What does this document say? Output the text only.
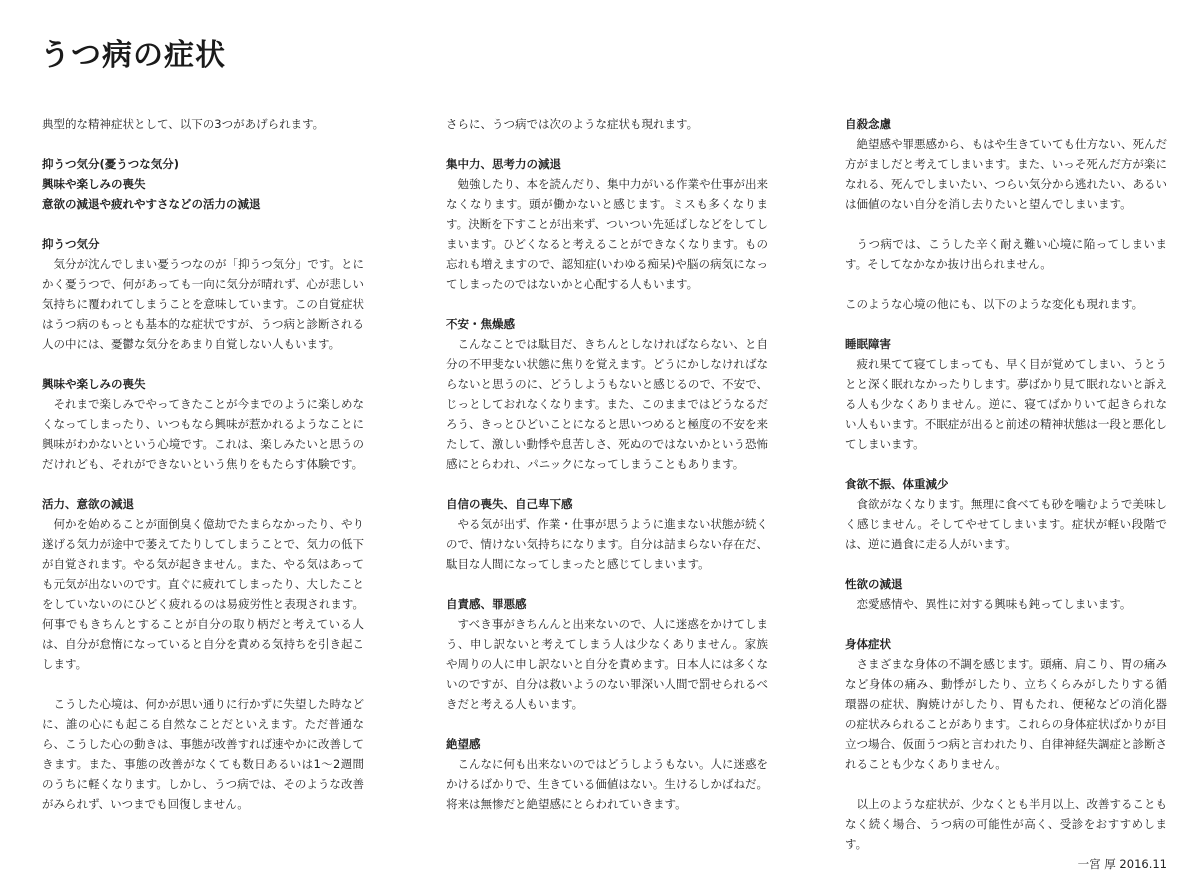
うつ病の症状

典型的な精神症状として、以下の3つがあげられます。

抑うつ気分(憂うつな気分)

興味や楽しみの喪失

意欲の減退や疲れやすさなどの活力の減退

抑うつ気分

気分が沈んでしまい憂うつなのが「抑うつ気分」です。とにかく憂うつで、何があっても一向に気分が晴れず、心が悲しい気持ちに覆われてしまうことを意味しています。この自覚症状はうつ病のもっとも基本的な症状ですが、うつ病と診断される人の中には、憂鬱な気分をあまり自覚しない人もいます。

興味や楽しみの喪失

それまで楽しみでやってきたことが今までのように楽しめなくなってしまったり、いつもなら興味が惹かれるようなことに興味がわかないという心境です。これは、楽しみたいと思うのだけれども、それができないという焦りをもたらす体験です。

活力、意欲の減退

何かを始めることが面倒臭く億劫でたまらなかったり、やり遂げる気力が途中で萎えてたりしてしまうことで、気力の低下が自覚されます。やる気が起きません。また、やる気はあっても元気が出ないのです。直ぐに疲れてしまったり、大したことをしていないのにひどく疲れるのは易疲労性と表現されます。何事でもきちんとすることが自分の取り柄だと考えている人は、自分が怠惰になっていると自分を責める気持ちを引き起こします。

こうした心境は、何かが思い通りに行かずに失望した時などに、誰の心にも起こる自然なことだといえます。ただ普通なら、こうした心の動きは、事態が改善すれば速やかに改善してきます。また、事態の改善がなくても数日あるいは1〜2週間のうちに軽くなります。しかし、うつ病では、そのような改善がみられず、いつまでも回復しません。

さらに、うつ病では次のような症状も現れます。

集中力、思考力の減退

勉強したり、本を読んだり、集中力がいる作業や仕事が出来なくなります。頭が働かないと感じます。ミスも多くなります。決断を下すことが出来ず、ついつい先延ばしなどをしてしまいます。ひどくなると考えることができなくなります。もの忘れも増えますので、認知症(いわゆる痴呆)や脳の病気になってしまったのではないかと心配する人もいます。

不安・焦燥感

こんなことでは駄目だ、きちんとしなければならない、と自分の不甲斐ない状態に焦りを覚えます。どうにかしなければならないと思うのに、どうしようもないと感じるので、不安で、じっとしておれなくなります。また、このままではどうなるだろう、きっとひどいことになると思いつめると極度の不安を来たして、激しい動悸や息苦しさ、死ぬのではないかという恐怖感にとらわれ、パニックになってしまうこともあります。

自信の喪失、自己卑下感

やる気が出ず、作業・仕事が思うように進まない状態が続くので、情けない気持ちになります。自分は詰まらない存在だ、駄目な人間になってしまったと感じてしまいます。

自責感、罪悪感

すべき事がきちんんと出来ないので、人に迷惑をかけてしまう、申し訳ないと考えてしまう人は少なくありません。家族や周りの人に申し訳ないと自分を責めます。日本人には多くないのですが、自分は救いようのない罪深い人間で罰せられるべきだと考える人もいます。

絶望感

こんなに何も出来ないのではどうしようもない。人に迷惑をかけるばかりで、生きている価値はない。生けるしかばねだ。将来は無惨だと絶望感にとらわれていきます。

自殺念慮

絶望感や罪悪感から、もはや生きていても仕方ない、死んだ方がましだと考えてしまいます。また、いっそ死んだ方が楽になれる、死んでしまいたい、つらい気分から逃れたい、あるいは価値のない自分を消し去りたいと望んでしまいます。

うつ病では、こうした辛く耐え難い心境に陥ってしまいます。そしてなかなか抜け出られません。

このような心境の他にも、以下のような変化も現れます。

睡眠障害

疲れ果てて寝てしまっても、早く目が覚めてしまい、うとうとと深く眠れなかったりします。夢ばかり見て眠れないと訴える人も少なくありません。逆に、寝てばかりいて起きられない人もいます。不眠症が出ると前述の精神状態は一段と悪化してしまいます。

食欲不振、体重減少

食欲がなくなります。無理に食べても砂を噛むようで美味しく感じません。そしてやせてしまいます。症状が軽い段階では、逆に過食に走る人がいます。

性欲の減退

恋愛感情や、異性に対する興味も鈍ってしまいます。

身体症状

さまざまな身体の不調を感じます。頭痛、肩こり、胃の痛みなど身体の痛み、動悸がしたり、立ちくらみがしたりする循環器の症状、胸焼けがしたり、胃もたれ、便秘などの消化器の症状みられることがあります。これらの身体症状ばかりが目立つ場合、仮面うつ病と言われたり、自律神経失調症と診断されることも少なくありません。

以上のような症状が、少なくとも半月以上、改善することもなく続く場合、うつ病の可能性が高く、受診をおすすめします。

一宮 厚 2016.11
